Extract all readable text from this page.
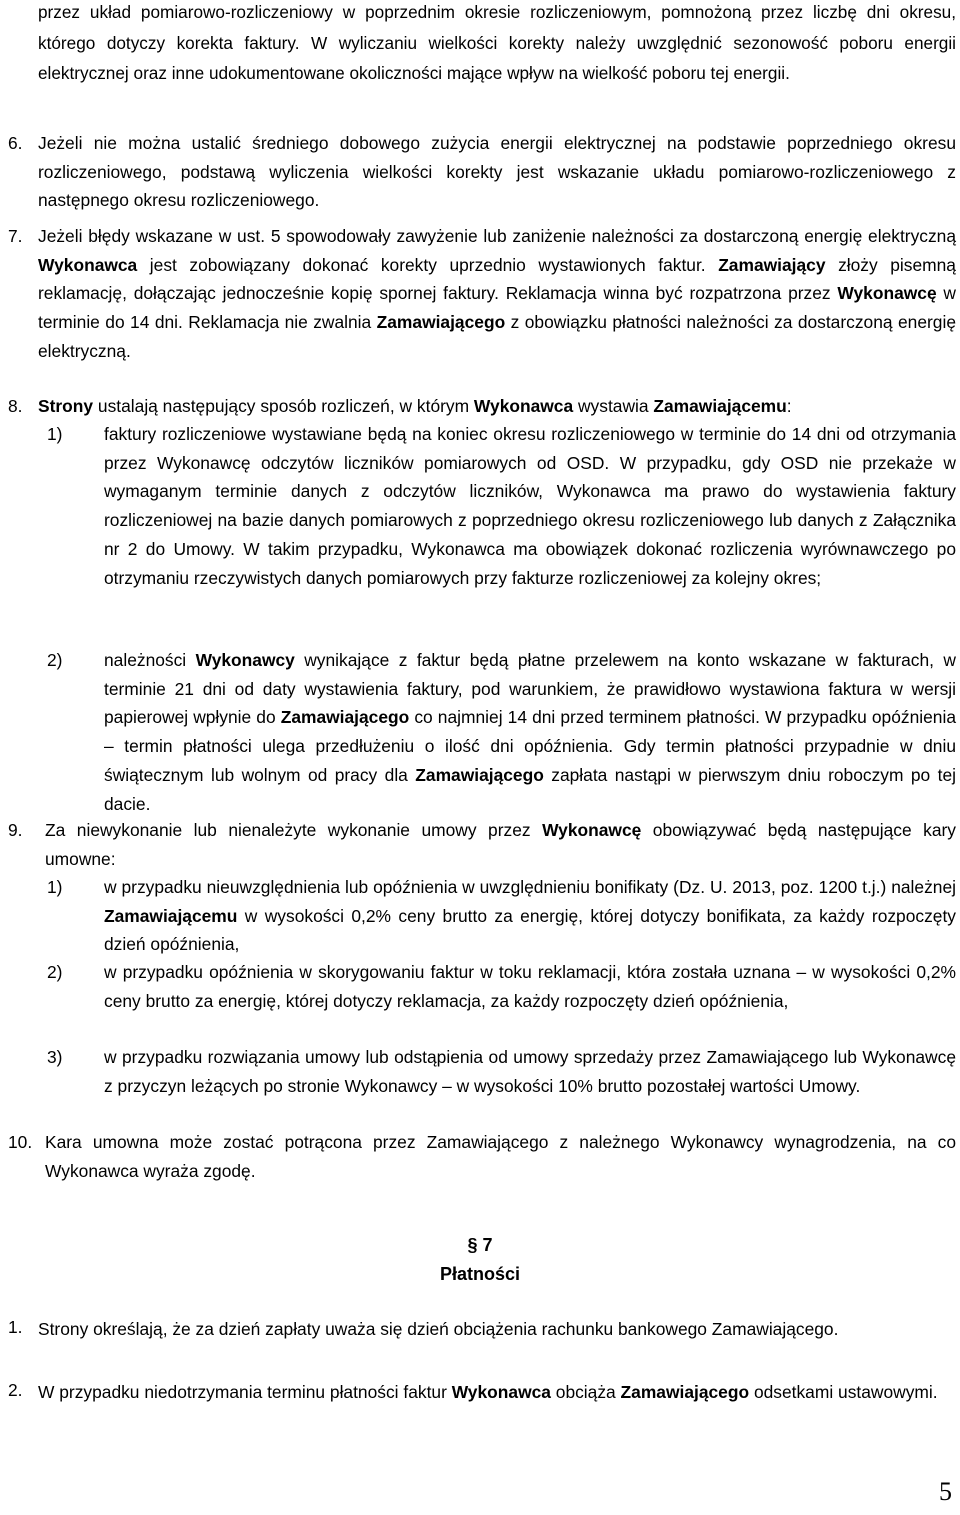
przez układ pomiarowo-rozliczeniowy w poprzednim okresie rozliczeniowym, pomnożoną przez liczbę dni okresu, którego dotyczy korekta faktury. W wyliczaniu wielkości korekty należy uwzględnić sezonowość poboru energii elektrycznej oraz inne udokumentowane okoliczności mające wpływ na wielkość poboru tej energii.
6. Jeżeli nie można ustalić średniego dobowego zużycia energii elektrycznej na podstawie poprzedniego okresu rozliczeniowego, podstawą wyliczenia wielkości korekty jest wskazanie układu pomiarowo-rozliczeniowego z następnego okresu rozliczeniowego.
7. Jeżeli błędy wskazane w ust. 5 spowodowały zawyżenie lub zaniżenie należności za dostarczoną energię elektryczną Wykonawca jest zobowiązany dokonać korekty uprzednio wystawionych faktur. Zamawiający złoży pisemną reklamację, dołączając jednocześnie kopię spornej faktury. Reklamacja winna być rozpatrzona przez Wykonawcę w terminie do 14 dni. Reklamacja nie zwalnia Zamawiającego z obowiązku płatności należności za dostarczoną energię elektryczną.
8. Strony ustalają następujący sposób rozliczeń, w którym Wykonawca wystawia Zamawiającemu:
1) faktury rozliczeniowe wystawiane będą na koniec okresu rozliczeniowego w terminie do 14 dni od otrzymania przez Wykonawcę odczytów liczników pomiarowych od OSD. W przypadku, gdy OSD nie przekaże w wymaganym terminie danych z odczytów liczników, Wykonawca ma prawo do wystawienia faktury rozliczeniowej na bazie danych pomiarowych z poprzedniego okresu rozliczeniowego lub danych z Załącznika nr 2 do Umowy. W takim przypadku, Wykonawca ma obowiązek dokonać rozliczenia wyrównawczego po otrzymaniu rzeczywistych danych pomiarowych przy fakturze rozliczeniowej za kolejny okres;
2) należności Wykonawcy wynikające z faktur będą płatne przelewem na konto wskazane w fakturach, w terminie 21 dni od daty wystawienia faktury, pod warunkiem, że prawidłowo wystawiona faktura w wersji papierowej wpłynie do Zamawiającego co najmniej 14 dni przed terminem płatności. W przypadku opóźnienia – termin płatności ulega przedłużeniu o ilość dni opóźnienia. Gdy termin płatności przypadnie w dniu świątecznym lub wolnym od pracy dla Zamawiającego zapłata nastąpi w pierwszym dniu roboczym po tej dacie.
9. Za niewykonanie lub nienależyte wykonanie umowy przez Wykonawcę obowiązywać będą następujące kary umowne:
1) w przypadku nieuwzględnienia lub opóźnienia w uwzględnieniu bonifikaty (Dz. U. 2013, poz. 1200 t.j.) należnej Zamawiającemu w wysokości 0,2% ceny brutto za energię, której dotyczy bonifikata, za każdy rozpoczęty dzień opóźnienia,
2) w przypadku opóźnienia w skorygowaniu faktur w toku reklamacji, która została uznana – w wysokości 0,2% ceny brutto za energię, której dotyczy reklamacja, za każdy rozpoczęty dzień opóźnienia,
3) w przypadku rozwiązania umowy lub odstąpienia od umowy sprzedaży przez Zamawiającego lub Wykonawcę z przyczyn leżących po stronie Wykonawcy – w wysokości 10% brutto pozostałej wartości Umowy.
10. Kara umowna może zostać potrącona przez Zamawiającego z należnego Wykonawcy wynagrodzenia, na co Wykonawca wyraża zgodę.
§ 7
Płatności
1. Strony określają, że za dzień zapłaty uważa się dzień obciążenia rachunku bankowego Zamawiającego.
2. W przypadku niedotrzymania terminu płatności faktur Wykonawca obciąża Zamawiającego odsetkami ustawowymi.
5
